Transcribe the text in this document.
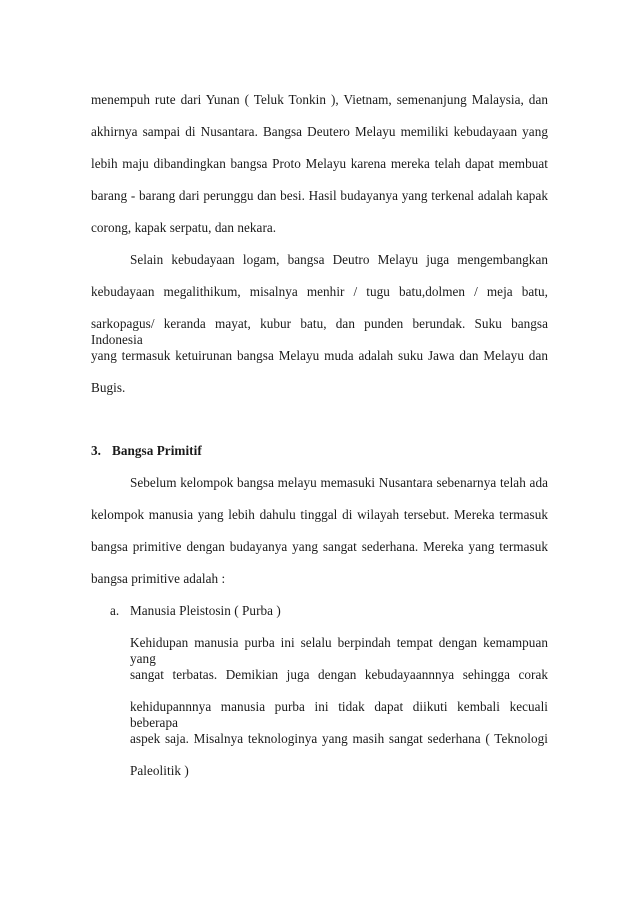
menempuh rute dari Yunan ( Teluk Tonkin ), Vietnam, semenanjung Malaysia, dan
akhirnya sampai di Nusantara. Bangsa Deutero Melayu memiliki kebudayaan yang
lebih maju dibandingkan bangsa Proto Melayu karena mereka telah dapat membuat
barang - barang dari perunggu dan besi. Hasil budayanya yang terkenal adalah kapak
corong, kapak serpatu, dan nekara.
Selain kebudayaan logam, bangsa Deutro Melayu juga mengembangkan
kebudayaan megalithikum, misalnya menhir / tugu batu,dolmen / meja batu,
sarkopagus/ keranda mayat, kubur batu, dan punden berundak. Suku bangsa Indonesia
yang termasuk ketuirunan bangsa Melayu muda adalah suku Jawa dan Melayu dan
Bugis.
3. Bangsa Primitif
Sebelum kelompok bangsa melayu memasuki Nusantara sebenarnya telah ada
kelompok manusia yang lebih dahulu tinggal di wilayah tersebut. Mereka termasuk
bangsa primitive dengan budayanya yang sangat sederhana. Mereka yang termasuk
bangsa primitive adalah :
a. Manusia Pleistosin ( Purba )
Kehidupan manusia purba ini selalu berpindah tempat dengan kemampuan yang
sangat terbatas. Demikian juga dengan kebudayaannnya sehingga corak
kehidupannnya manusia purba ini tidak dapat diikuti kembali kecuali beberapa
aspek saja. Misalnya teknologinya yang masih sangat sederhana ( Teknologi
Paleolitik )
